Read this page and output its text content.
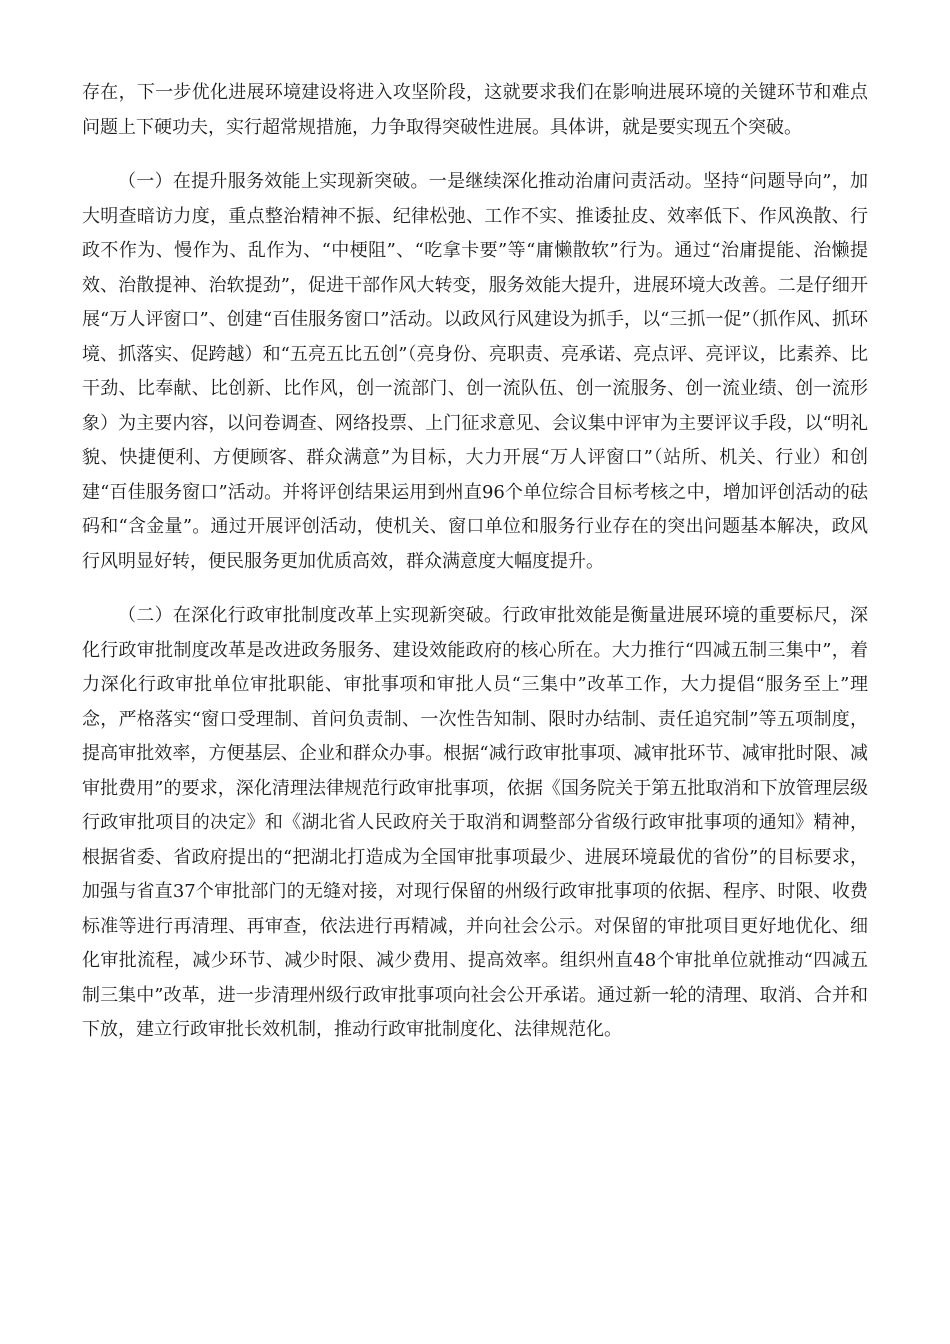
存在，下一步优化进展环境建设将进入攻坚阶段，这就要求我们在影响进展环境的关键环节和难点问题上下硬功夫，实行超常规措施，力争取得突破性进展。具体讲，就是要实现五个突破。

（一）在提升服务效能上实现新突破。一是继续深化推动治庸问责活动。坚持“问题导向”，加大明查暗访力度，重点整治精神不振、纪律松弛、工作不实、推诿扯皮、效率低下、作风涣散、行政不作为、慢作为、乱作为、“中梗阻”、“吃拿卡要”等“庸懒散软”行为。通过“治庸提能、治懒提效、治散提神、治软提劲”，促进干部作风大转变，服务效能大提升，进展环境大改善。二是仔细开展“万人评窗口”、创建“百佳服务窗口”活动。以政风行风建设为抓手，以“三抓一促”（抓作风、抓环境、抓落实、促跨越）和“五亮五比五创”（亮身份、亮职责、亮承诺、亮点评、亮评议，比素养、比干劲、比奉献、比创新、比作风，创一流部门、创一流队伍、创一流服务、创一流业绩、创一流形象）为主要内容，以问卷调查、网络投票、上门征求意见、会议集中评审为主要评议手段，以“明礼貌、快捷便利、方便顾客、群众满意”为目标，大力开展“万人评窗口”（站所、机关、行业）和创建“百佳服务窗口”活动。并将评创结果运用到州直96个单位综合目标考核之中，增加评创活动的砝码和“含金量”。通过开展评创活动，使机关、窗口单位和服务行业存在的突出问题基本解决，政风行风明显好转，便民服务更加优质高效，群众满意度大幅度提升。

（二）在深化行政审批制度改革上实现新突破。行政审批效能是衡量进展环境的重要标尺，深化行政审批制度改革是改进政务服务、建设效能政府的核心所在。大力推行“四减五制三集中”，着力深化行政审批单位审批职能、审批事项和审批人员“三集中”改革工作，大力提倡“服务至上”理念，严格落实“窗口受理制、首问负责制、一次性告知制、限时办结制、责任追究制”等五项制度，提高审批效率，方便基层、企业和群众办事。根据“减行政审批事项、减审批环节、减审批时限、减审批费用”的要求，深化清理法律规范行政审批事项，依据《国务院关于第五批取消和下放管理层级行政审批项目的决定》和《湖北省人民政府关于取消和调整部分省级行政审批事项的通知》精神，根据省委、省政府提出的“把湖北打造成为全国审批事项最少、进展环境最优的省份”的目标要求，加强与省直37个审批部门的无缝对接，对现行保留的州级行政审批事项的依据、程序、时限、收费标准等进行再清理、再审查，依法进行再精减，并向社会公示。对保留的审批项目更好地优化、细化审批流程，减少环节、减少时限、减少费用、提高效率。组织州直48个审批单位就推动“四减五制三集中”改革，进一步清理州级行政审批事项向社会公开承诺。通过新一轮的清理、取消、合并和下放，建立行政审批长效机制，推动行政审批制度化、法律规范化。
